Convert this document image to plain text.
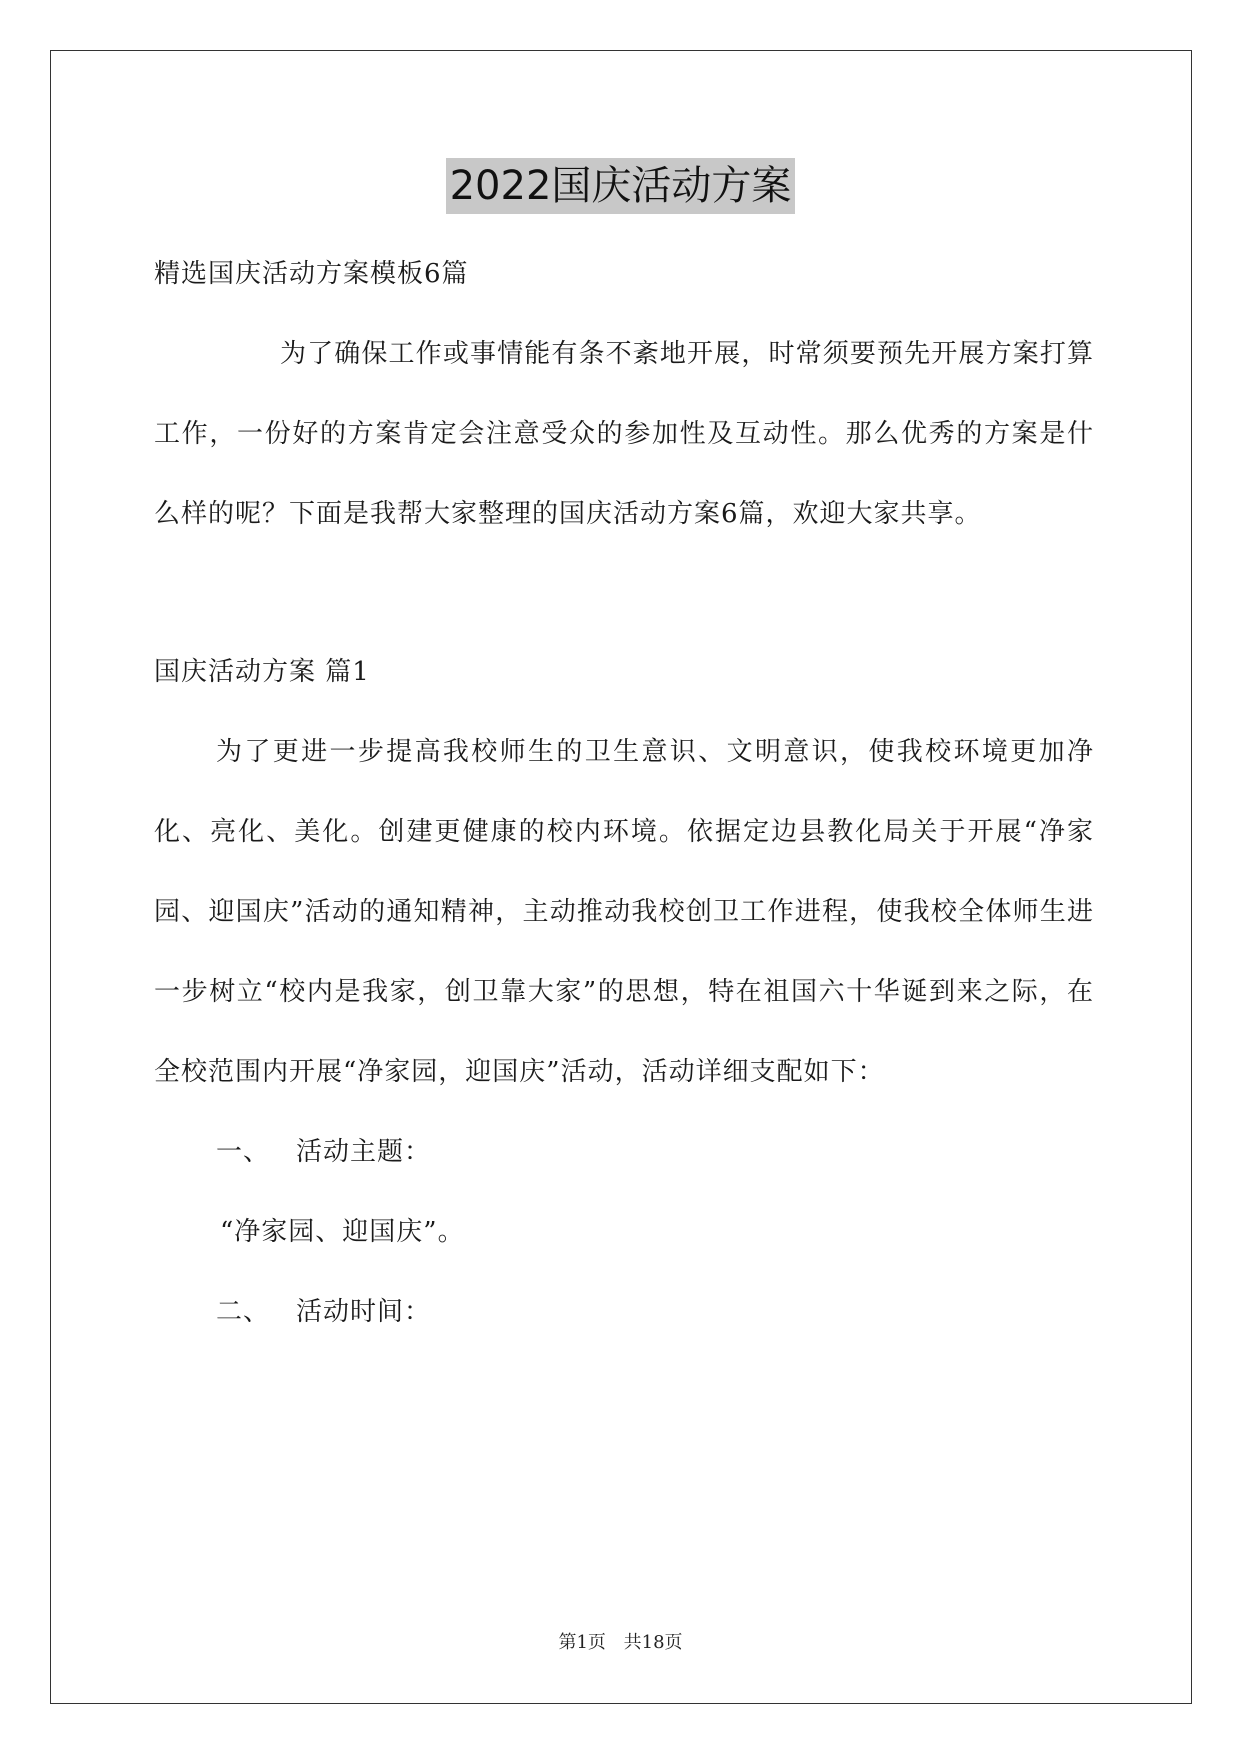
2022国庆活动方案

精选国庆活动方案模板6篇

为了确保工作或事情能有条不紊地开展，时常须要预先开展方案打算工作，一份好的方案肯定会注意受众的参加性及互动性。那么优秀的方案是什么样的呢？下面是我帮大家整理的国庆活动方案6篇，欢迎大家共享。

国庆活动方案 篇1

为了更进一步提高我校师生的卫生意识、文明意识，使我校环境更加净化、亮化、美化。创建更健康的校内环境。依据定边县教化局关于开展“净家园、迎国庆”活动的通知精神，主动推动我校创卫工作进程，使我校全体师生进一步树立“校内是我家，创卫靠大家”的思想，特在祖国六十华诞到来之际，在全校范围内开展“净家园，迎国庆”活动，活动详细支配如下：

一、 活动主题：

“净家园、迎国庆”。

二、 活动时间：

第1页 共18页
